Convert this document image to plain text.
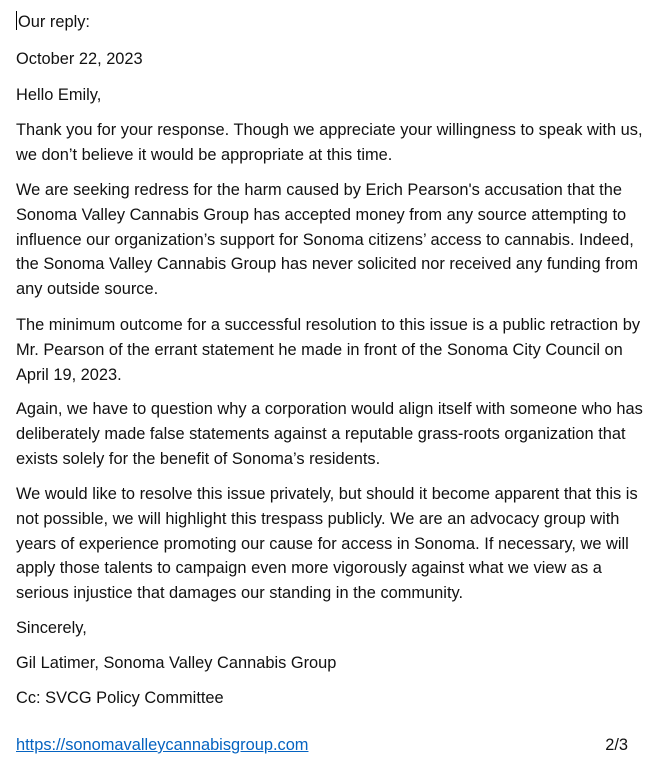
Our reply:

October 22, 2023

Hello Emily,

Thank you for your response. Though we appreciate your willingness to speak with us, we don’t believe it would be appropriate at this time.

We are seeking redress for the harm caused by Erich Pearson's accusation that the Sonoma Valley Cannabis Group has accepted money from any source attempting to influence our organization’s support for Sonoma citizens’ access to cannabis. Indeed, the Sonoma Valley Cannabis Group has never solicited nor received any funding from any outside source.

The minimum outcome for a successful resolution to this issue is a public retraction by Mr. Pearson of the errant statement he made in front of the Sonoma City Council on April 19, 2023.

Again, we have to question why a corporation would align itself with someone who has deliberately made false statements against a reputable grass-roots organization that exists solely for the benefit of Sonoma’s residents.

We would like to resolve this issue privately, but should it become apparent that this is not possible, we will highlight this trespass publicly. We are an advocacy group with years of experience promoting our cause for access in Sonoma. If necessary, we will apply those talents to campaign even more vigorously against what we view as a serious injustice that damages our standing in the community.

Sincerely,

Gil Latimer, Sonoma Valley Cannabis Group

Cc: SVCG Policy Committee

https://sonomavalleycannabisgroup.com	2/3
